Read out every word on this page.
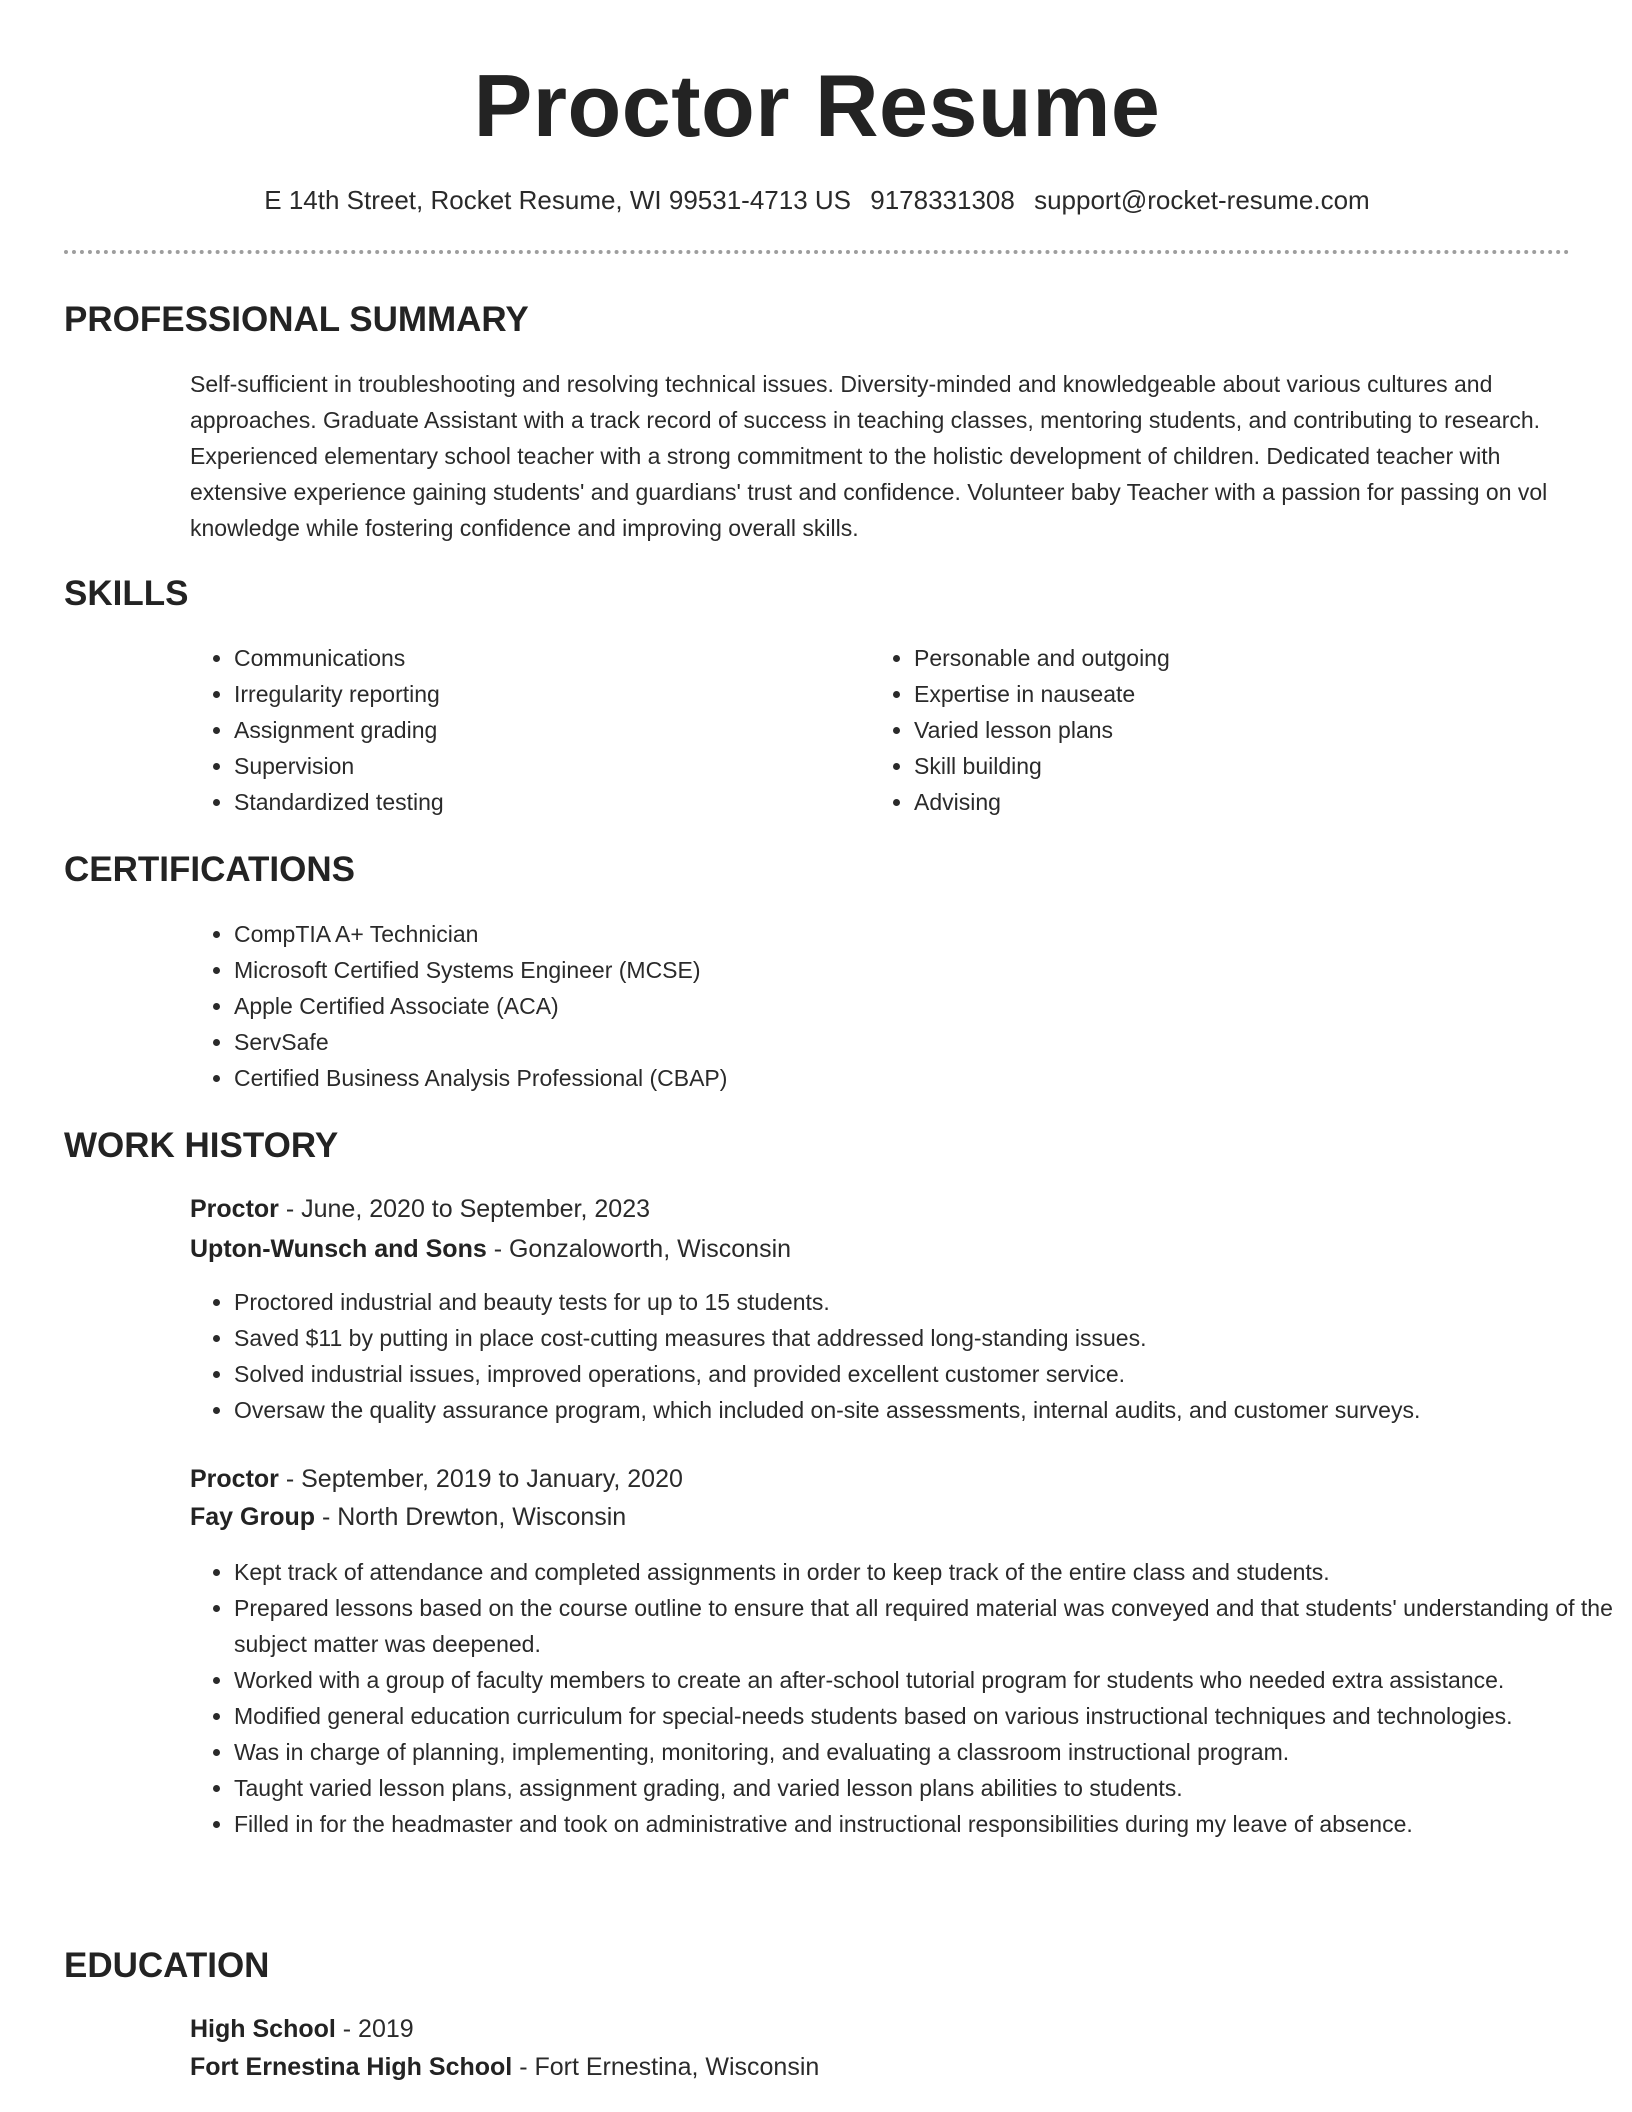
Proctor Resume
E 14th Street, Rocket Resume, WI 99531-4713 US 9178331308 support@rocket-resume.com
PROFESSIONAL SUMMARY

Self-sufficient in troubleshooting and resolving technical issues. Diversity-minded and knowledgeable about various cultures and approaches. Graduate Assistant with a track record of success in teaching classes, mentoring students, and contributing to research. Experienced elementary school teacher with a strong commitment to the holistic development of children. Dedicated teacher with extensive experience gaining students' and guardians' trust and confidence. Volunteer baby Teacher with a passion for passing on vol knowledge while fostering confidence and improving overall skills.

SKILLS
• Communications
• Irregularity reporting
• Assignment grading
• Supervision
• Standardized testing
• Personable and outgoing
• Expertise in nauseate
• Varied lesson plans
• Skill building
• Advising
CERTIFICATIONS
• CompTIA A+ Technician
• Microsoft Certified Systems Engineer (MCSE)
• Apple Certified Associate (ACA)
• ServSafe
• Certified Business Analysis Professional (CBAP)
WORK HISTORY
Proctor - June, 2020 to September, 2023
Upton-Wunsch and Sons - Gonzaloworth, Wisconsin
• Proctored industrial and beauty tests for up to 15 students.
• Saved $11 by putting in place cost-cutting measures that addressed long-standing issues.
• Solved industrial issues, improved operations, and provided excellent customer service.
• Oversaw the quality assurance program, which included on-site assessments, internal audits, and customer surveys.
Proctor - September, 2019 to January, 2020
Fay Group - North Drewton, Wisconsin
• Kept track of attendance and completed assignments in order to keep track of the entire class and students.
• Prepared lessons based on the course outline to ensure that all required material was conveyed and that students' understanding of the subject matter was deepened.
• Worked with a group of faculty members to create an after-school tutorial program for students who needed extra assistance.
• Modified general education curriculum for special-needs students based on various instructional techniques and technologies.
• Was in charge of planning, implementing, monitoring, and evaluating a classroom instructional program.
• Taught varied lesson plans, assignment grading, and varied lesson plans abilities to students.
• Filled in for the headmaster and took on administrative and instructional responsibilities during my leave of absence.
EDUCATION
High School - 2019
Fort Ernestina High School - Fort Ernestina, Wisconsin
